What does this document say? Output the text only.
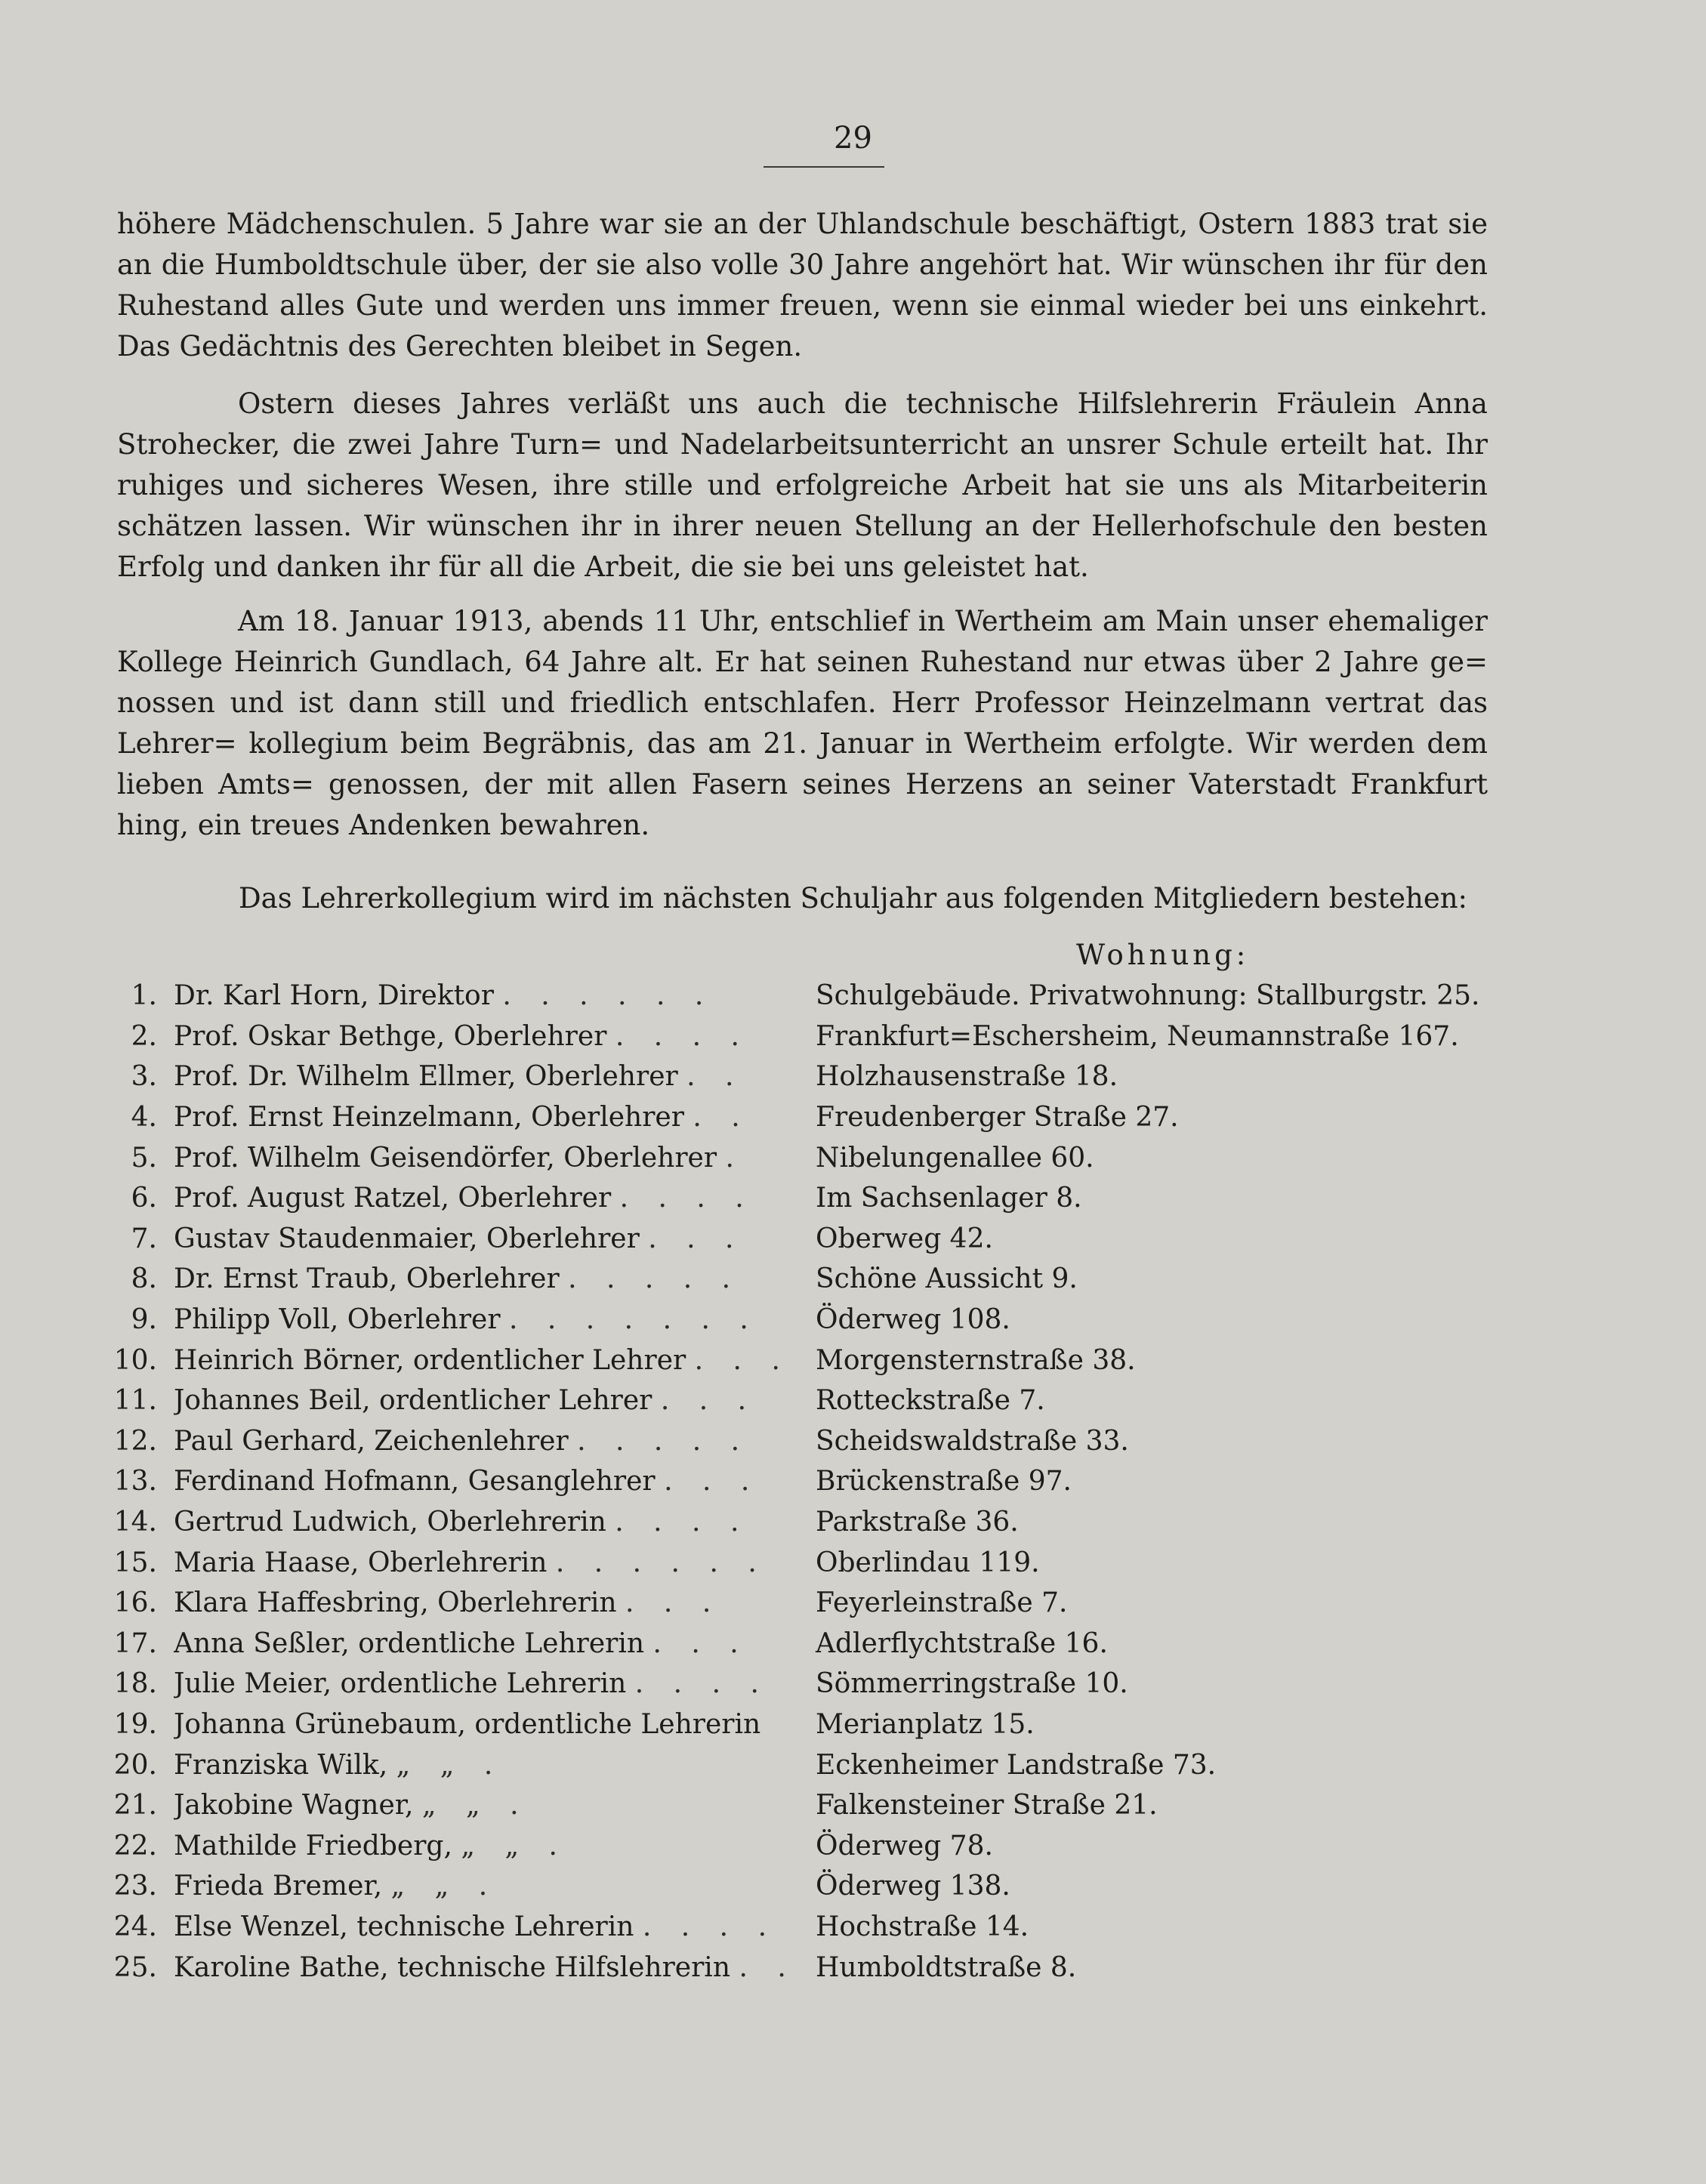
29

höhere Mädchenschulen. 5 Jahre war sie an der Uhlandschule beschäftigt, Ostern 1883 trat sie an die Humboldtschule über, der sie also volle 30 Jahre angehört hat. Wir wünschen ihr für den Ruhestand alles Gute und werden uns immer freuen, wenn sie einmal wieder bei uns einkehrt. Das Gedächtnis des Gerechten bleibet in Segen.

Ostern dieses Jahres verläßt uns auch die technische Hilfslehrerin Fräulein Anna Strohecker, die zwei Jahre Turn= und Nadelarbeitsunterricht an unsrer Schule erteilt hat. Ihr ruhiges und sicheres Wesen, ihre stille und erfolgreiche Arbeit hat sie uns als Mitarbeiterin schätzen lassen. Wir wünschen ihr in ihrer neuen Stellung an der Hellerhofschule den besten Erfolg und danken ihr für all die Arbeit, die sie bei uns geleistet hat.

Am 18. Januar 1913, abends 11 Uhr, entschlief in Wertheim am Main unser ehemaliger Kollege Heinrich Gundlach, 64 Jahre alt. Er hat seinen Ruhestand nur etwas über 2 Jahre ge= nossen und ist dann still und friedlich entschlafen. Herr Professor Heinzelmann vertrat das Lehrer= kollegium beim Begräbnis, das am 21. Januar in Wertheim erfolgte. Wir werden dem lieben Amts= genossen, der mit allen Fasern seines Herzens an seiner Vaterstadt Frankfurt hing, ein treues Andenken bewahren.

Das Lehrerkollegium wird im nächsten Schuljahr aus folgenden Mitgliedern bestehen:

Wohnung:
1. Dr. Karl Horn, Direktor . . . . . .	Schulgebäude. Privatwohnung: Stallburgstr. 25.
2. Prof. Oskar Bethge, Oberlehrer . . . .	Frankfurt=Eschersheim, Neumannstraße 167.
3. Prof. Dr. Wilhelm Ellmer, Oberlehrer . .	Holzhausenstraße 18.
4. Prof. Ernst Heinzelmann, Oberlehrer . .	Freudenberger Straße 27.
5. Prof. Wilhelm Geisendörfer, Oberlehrer .	Nibelungenallee 60.
6. Prof. August Ratzel, Oberlehrer . . . .	Im Sachsenlager 8.
7. Gustav Staudenmaier, Oberlehrer . . .	Oberweg 42.
8. Dr. Ernst Traub, Oberlehrer . . . . .	Schöne Aussicht 9.
9. Philipp Voll, Oberlehrer . . . . . . .	Öderweg 108.
10. Heinrich Börner, ordentlicher Lehrer . . . Morgensternstraße 38.
11. Johannes Beil, ordentlicher Lehrer . . .	Rotteckstraße 7.
12. Paul Gerhard, Zeichenlehrer . . . . .	Scheidswaldstraße 33.
13. Ferdinand Hofmann, Gesanglehrer . . .	Brückenstraße 97.
14. Gertrud Ludwich, Oberlehrerin . . . .	Parkstraße 36.
15. Maria Haase, Oberlehrerin . . . . . .	Oberlindau 119.
16. Klara Haffesbring, Oberlehrerin . . .	Feyerleinstraße 7.
17. Anna Seßler, ordentliche Lehrerin . . .	Adlerflychtstraße 16.
18. Julie Meier, ordentliche Lehrerin . . . .	Sömmerringstraße 10.
19. Johanna Grünebaum, ordentliche Lehrerin	Merianplatz 15.
20. Franziska Wilk, „ „ .	Eckenheimer Landstraße 73.
21. Jakobine Wagner, „ „ .	Falkensteiner Straße 21.
22. Mathilde Friedberg, „ „ .	Öderweg 78.
23. Frieda Bremer, „ „ .	Öderweg 138.
24. Else Wenzel, technische Lehrerin . . . .	Hochstraße 14.
25. Karoline Bathe, technische Hilfslehrerin . . Humboldtstraße 8.
